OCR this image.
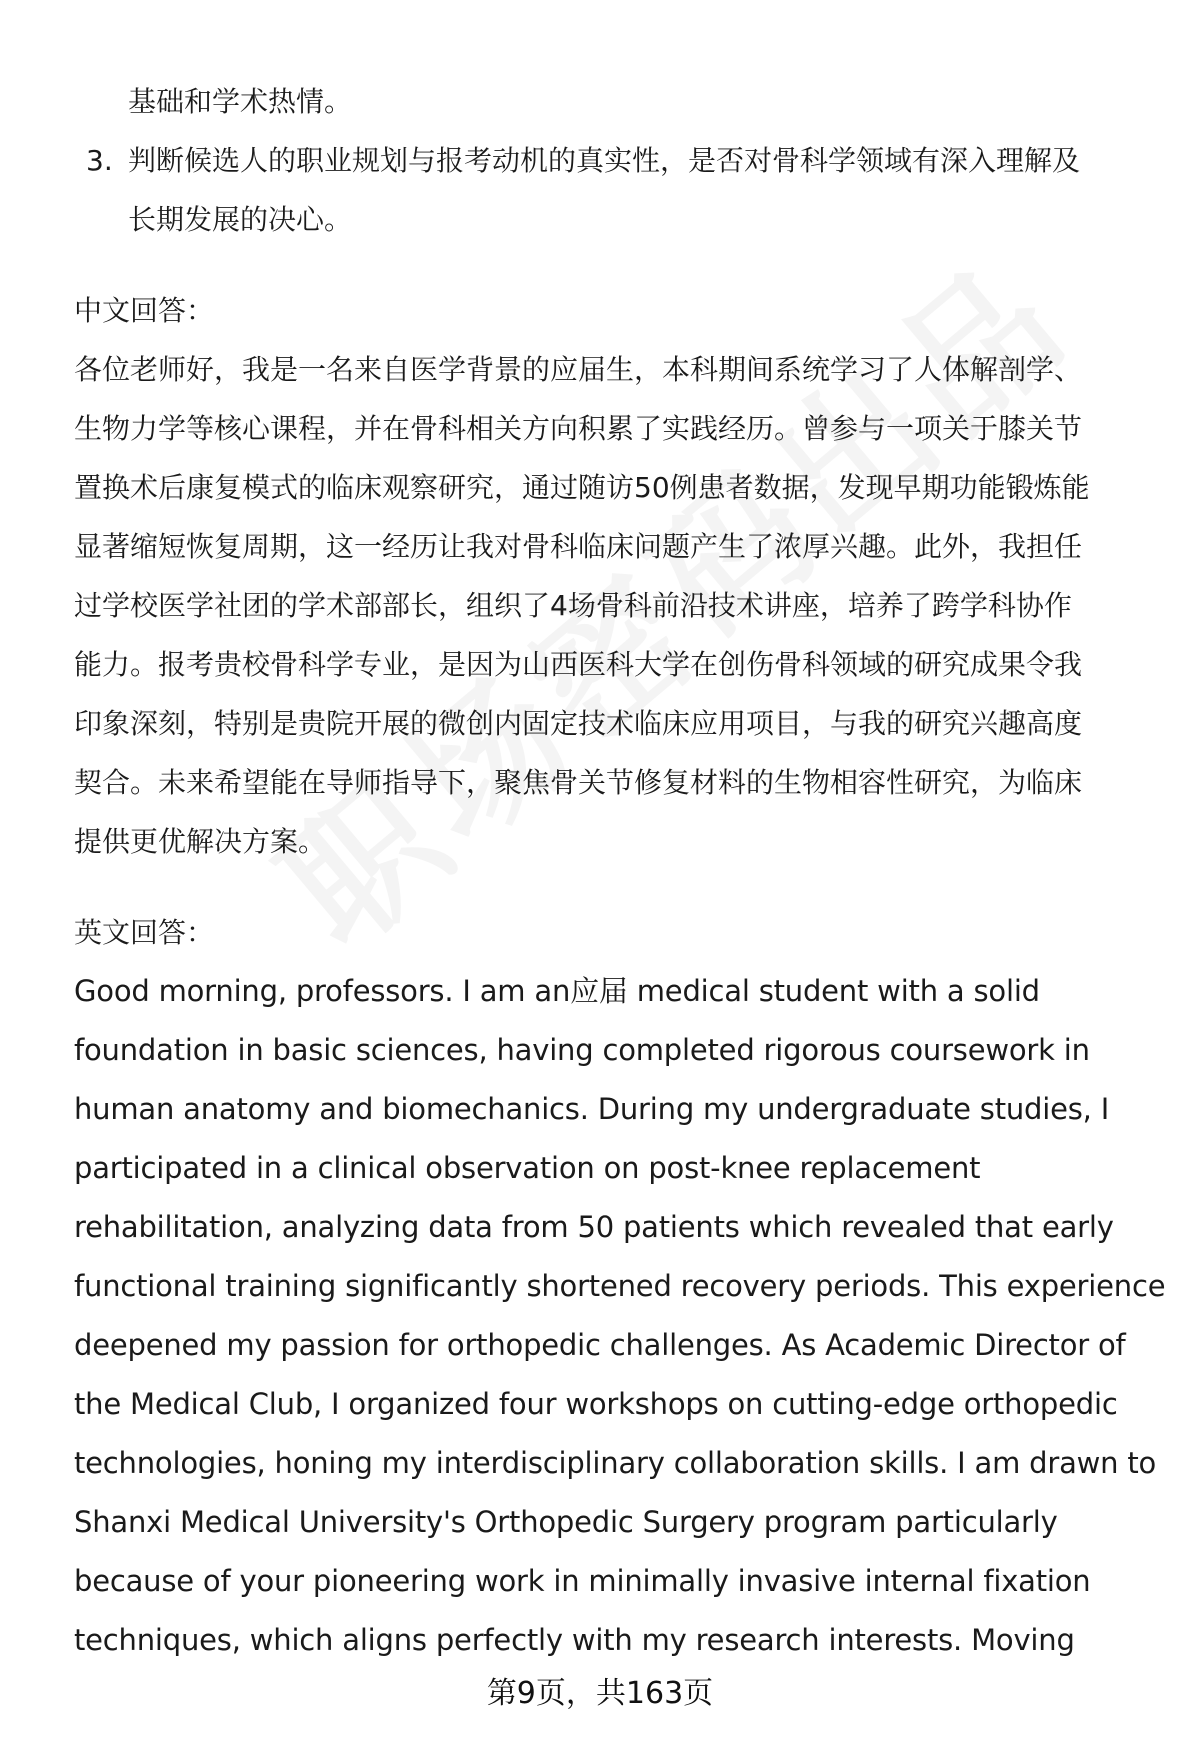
基础和学术热情。
3. 判断候选人的职业规划与报考动机的真实性，是否对骨科学领域有深入理解及
长期发展的决心。
中文回答：
各位老师好，我是一名来自医学背景的应届生，本科期间系统学习了人体解剖学、
生物力学等核心课程，并在骨科相关方向积累了实践经历。曾参与一项关于膝关节
置换术后康复模式的临床观察研究，通过随访50例患者数据，发现早期功能锻炼能
显著缩短恢复周期，这一经历让我对骨科临床问题产生了浓厚兴趣。此外，我担任
过学校医学社团的学术部部长，组织了4场骨科前沿技术讲座，培养了跨学科协作
能力。报考贵校骨科学专业，是因为山西医科大学在创伤骨科领域的研究成果令我
印象深刻，特别是贵院开展的微创内固定技术临床应用项目，与我的研究兴趣高度
契合。未来希望能在导师指导下，聚焦骨关节修复材料的生物相容性研究，为临床
提供更优解决方案。
英文回答：
Good morning, professors. I am an应届 medical student with a solid
foundation in basic sciences, having completed rigorous coursework in
human anatomy and biomechanics. During my undergraduate studies, I
participated in a clinical observation on post-knee replacement
rehabilitation, analyzing data from 50 patients which revealed that early
functional training significantly shortened recovery periods. This experience
deepened my passion for orthopedic challenges. As Academic Director of
the Medical Club, I organized four workshops on cutting-edge orthopedic
technologies, honing my interdisciplinary collaboration skills. I am drawn to
Shanxi Medical University's Orthopedic Surgery program particularly
because of your pioneering work in minimally invasive internal fixation
techniques, which aligns perfectly with my research interests. Moving
第9页，共163页
